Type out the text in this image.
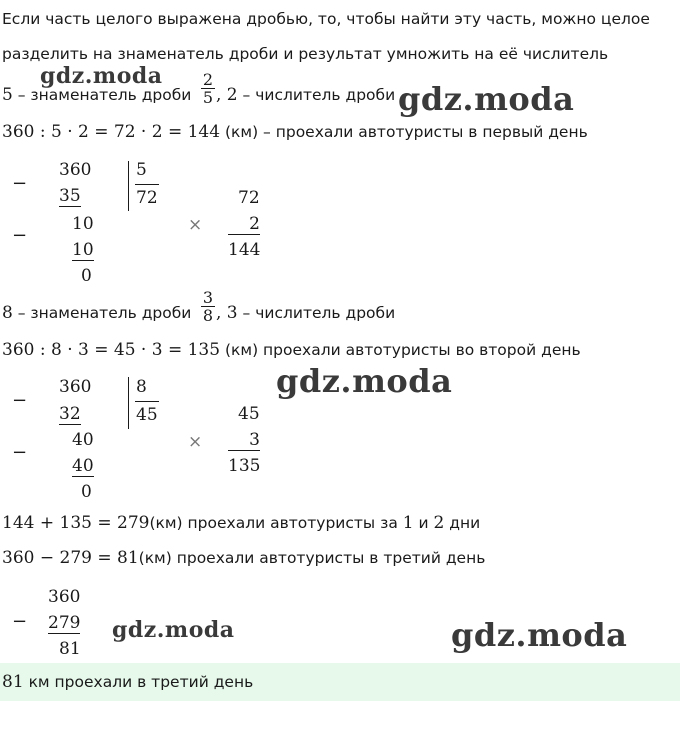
Если часть целого выражена дробью, то, чтобы найти эту часть, можно целое
разделить на знаменатель дроби и результат умножить на её числитель
5 – знаменатель дроби $\frac{2}{5}$ , 2 – числитель дроби
360 : 5 · 2 = 72 · 2 = 144 (км) – проехали автотуристы в первый день
−
360
35
−
10
10
0
5
72
×
72
2
144
8 – знаменатель дроби $\frac{3}{8}$ , 3 – числитель дроби
360 : 8 · 3 = 45 · 3 = 135 (км) проехали автотуристы во второй день
−
360
32
−
40
40
0
8
45
×
45
3
135
144 + 135 = 279(км) проехали автотуристы за 1 и 2 дни
360 − 279 = 81(км) проехали автотуристы в третий день
−
360
279
81
gdz.moda
gdz.moda
gdz.moda
gdz.moda	gdz.moda
81 км проехали в третий день
